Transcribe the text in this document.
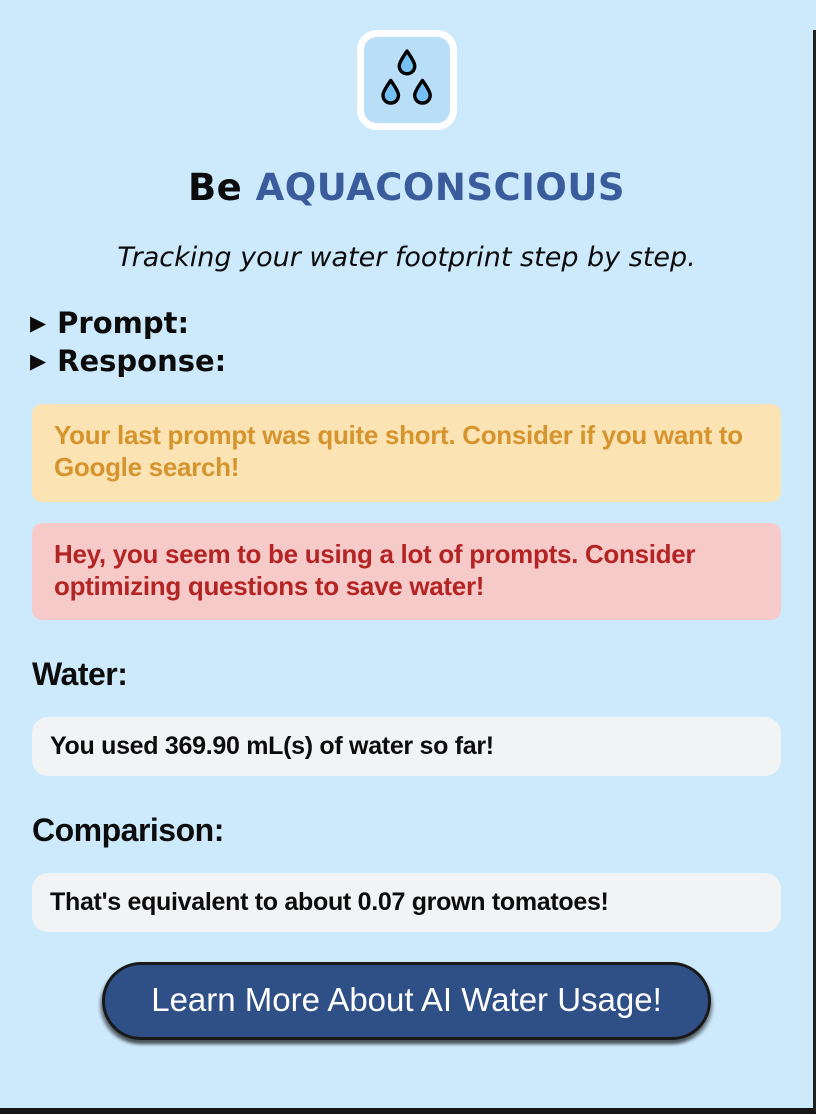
Be AQUACONSCIOUS
Tracking your water footprint step by step.
▶ Prompt:
▶ Response:
Your last prompt was quite short. Consider if you want to Google search!
Hey, you seem to be using a lot of prompts. Consider optimizing questions to save water!
Water:
You used 369.90 mL(s) of water so far!
Comparison:
That's equivalent to about 0.07 grown tomatoes!
Learn More About AI Water Usage!
